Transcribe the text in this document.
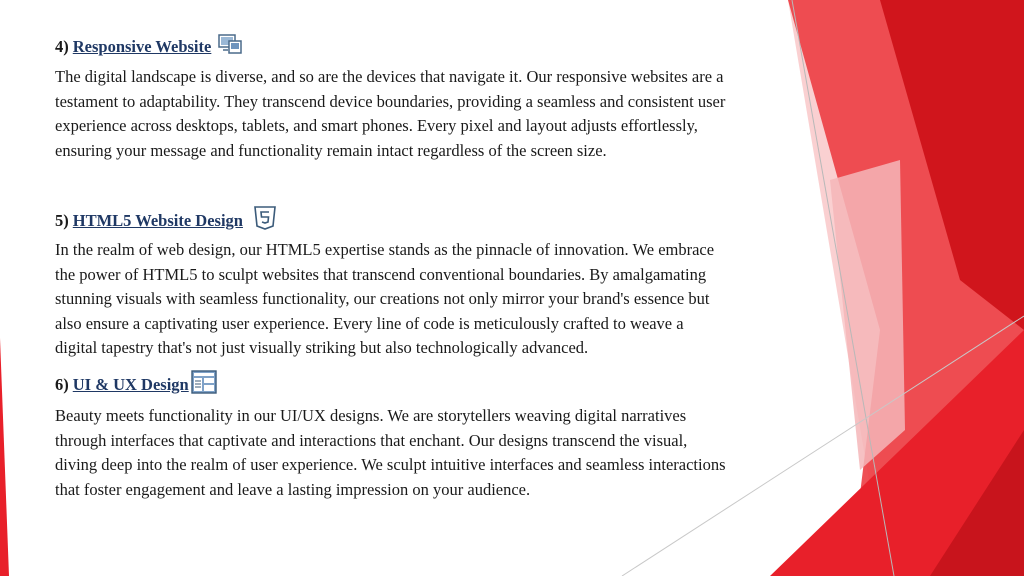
4) Responsive Website

The digital landscape is diverse, and so are the devices that navigate it. Our responsive websites are a
testament to adaptability. They transcend device boundaries, providing a seamless and consistent user
experience across desktops, tablets, and smart phones. Every pixel and layout adjusts effortlessly,
ensuring your message and functionality remain intact regardless of the screen size.

5) HTML5 Website Design

In the realm of web design, our HTML5 expertise stands as the pinnacle of innovation. We embrace
the power of HTML5 to sculpt websites that transcend conventional boundaries. By amalgamating
stunning visuals with seamless functionality, our creations not only mirror your brand's essence but
also ensure a captivating user experience. Every line of code is meticulously crafted to weave a
digital tapestry that's not just visually striking but also technologically advanced.

6) UI & UX Design

Beauty meets functionality in our UI/UX designs. We are storytellers weaving digital narratives
through interfaces that captivate and interactions that enchant. Our designs transcend the visual,
diving deep into the realm of user experience. We sculpt intuitive interfaces and seamless interactions
that foster engagement and leave a lasting impression on your audience.
